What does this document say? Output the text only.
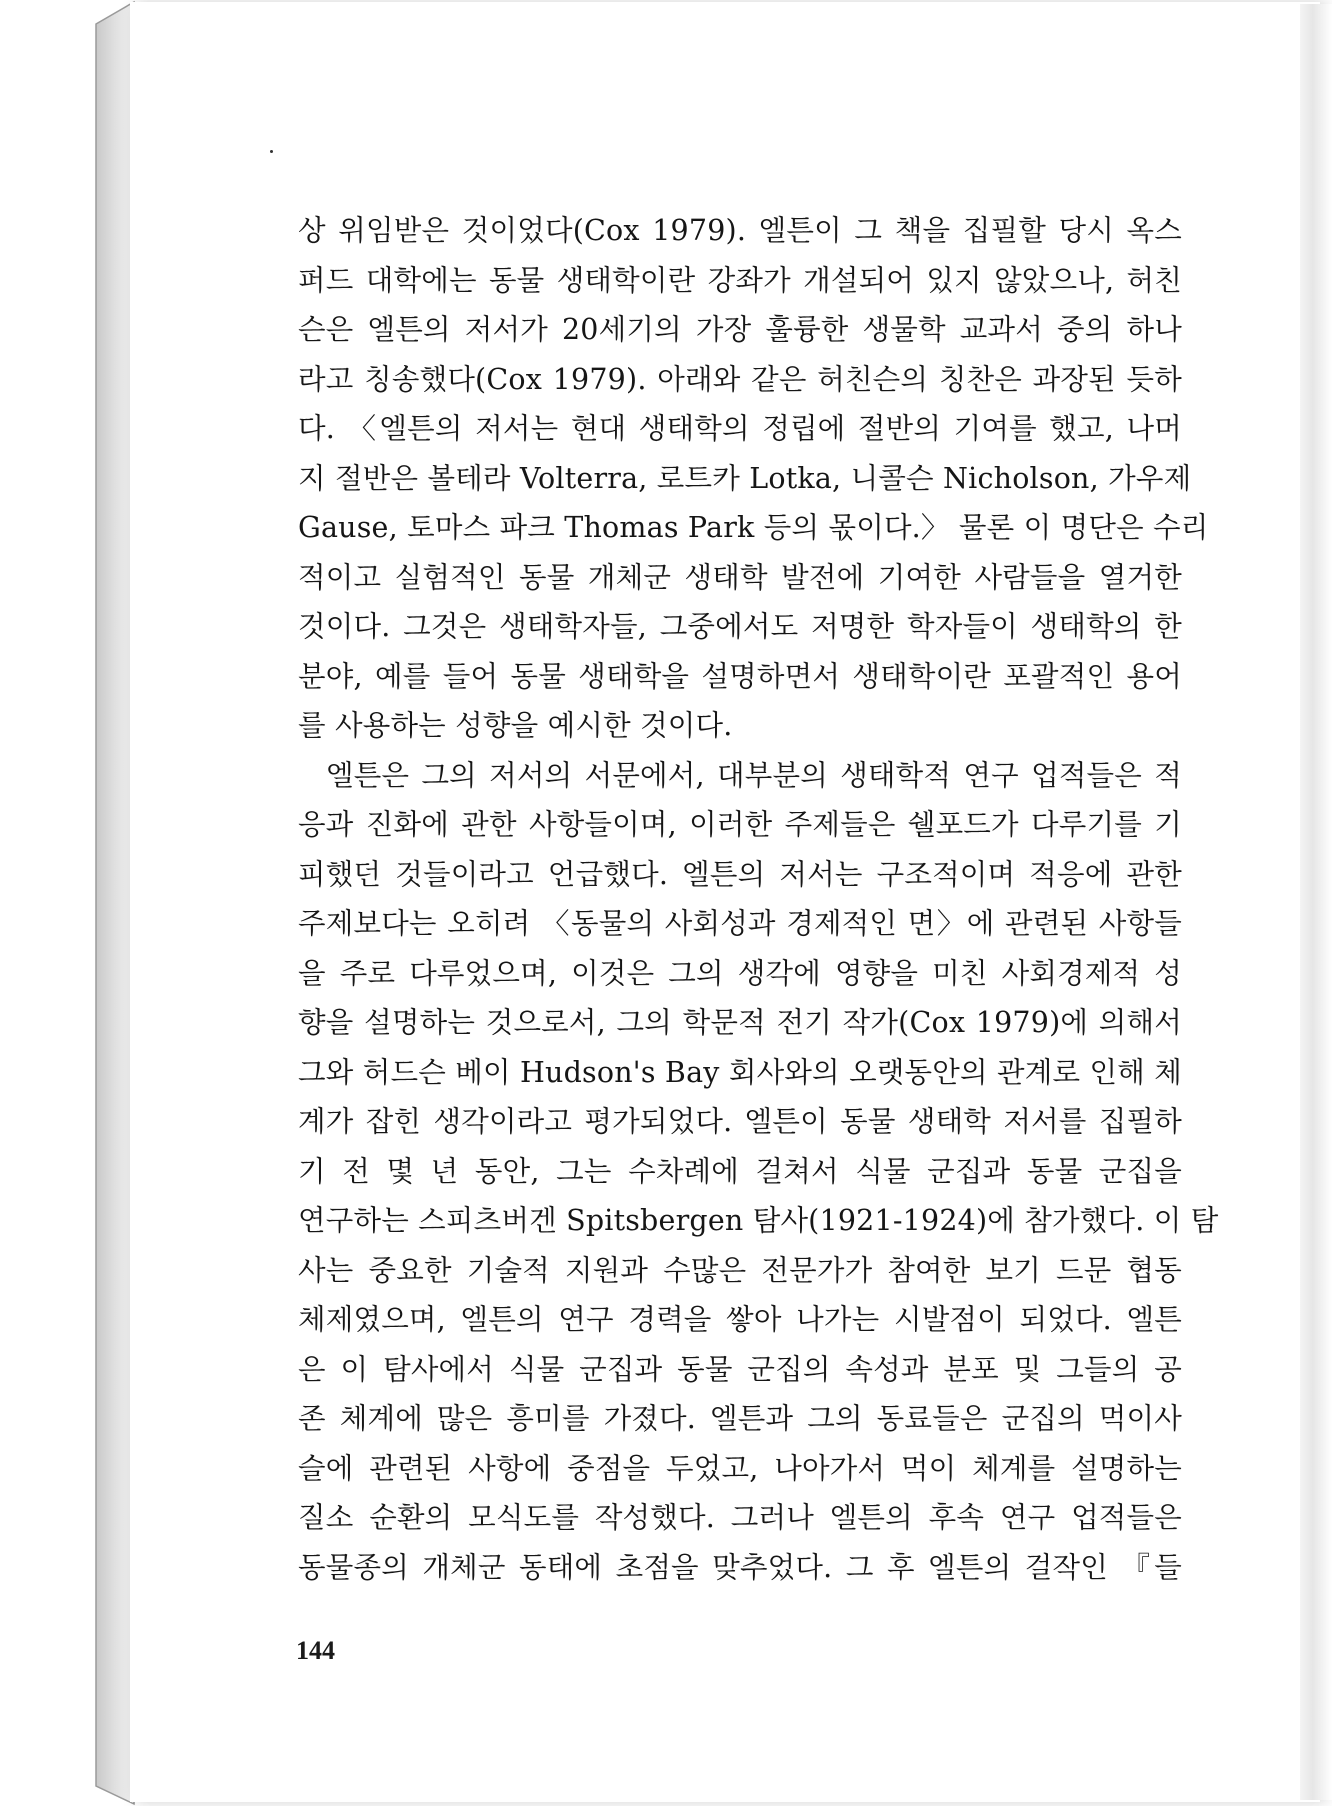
상 위임받은 것이었다(Cox 1979). 엘튼이 그 책을 집필할 당시 옥스
퍼드 대학에는 동물 생태학이란 강좌가 개설되어 있지 않았으나, 허친
슨은 엘튼의 저서가 20세기의 가장 훌륭한 생물학 교과서 중의 하나
라고 칭송했다(Cox 1979). 아래와 같은 허친슨의 칭찬은 과장된 듯하
다. 〈엘튼의 저서는 현대 생태학의 정립에 절반의 기여를 했고, 나머
지 절반은 볼테라 Volterra, 로트카 Lotka, 니콜슨 Nicholson, 가우제
Gause, 토마스 파크 Thomas Park 등의 몫이다.〉 물론 이 명단은 수리
적이고 실험적인 동물 개체군 생태학 발전에 기여한 사람들을 열거한
것이다. 그것은 생태학자들, 그중에서도 저명한 학자들이 생태학의 한
분야, 예를 들어 동물 생태학을 설명하면서 생태학이란 포괄적인 용어
를 사용하는 성향을 예시한 것이다.
엘튼은 그의 저서의 서문에서, 대부분의 생태학적 연구 업적들은 적
응과 진화에 관한 사항들이며, 이러한 주제들은 쉘포드가 다루기를 기
피했던 것들이라고 언급했다. 엘튼의 저서는 구조적이며 적응에 관한
주제보다는 오히려 〈동물의 사회성과 경제적인 면〉에 관련된 사항들
을 주로 다루었으며, 이것은 그의 생각에 영향을 미친 사회경제적 성
향을 설명하는 것으로서, 그의 학문적 전기 작가(Cox 1979)에 의해서
그와 허드슨 베이 Hudson's Bay 회사와의 오랫동안의 관계로 인해 체
계가 잡힌 생각이라고 평가되었다. 엘튼이 동물 생태학 저서를 집필하
기 전 몇 년 동안, 그는 수차례에 걸쳐서 식물 군집과 동물 군집을
연구하는 스피츠버겐 Spitsbergen 탐사(1921-1924)에 참가했다. 이 탐
사는 중요한 기술적 지원과 수많은 전문가가 참여한 보기 드문 협동
체제였으며, 엘튼의 연구 경력을 쌓아 나가는 시발점이 되었다. 엘튼
은 이 탐사에서 식물 군집과 동물 군집의 속성과 분포 및 그들의 공
존 체계에 많은 흥미를 가졌다. 엘튼과 그의 동료들은 군집의 먹이사
슬에 관련된 사항에 중점을 두었고, 나아가서 먹이 체계를 설명하는
질소 순환의 모식도를 작성했다. 그러나 엘튼의 후속 연구 업적들은
동물종의 개체군 동태에 초점을 맞추었다. 그 후 엘튼의 걸작인 『들
144
